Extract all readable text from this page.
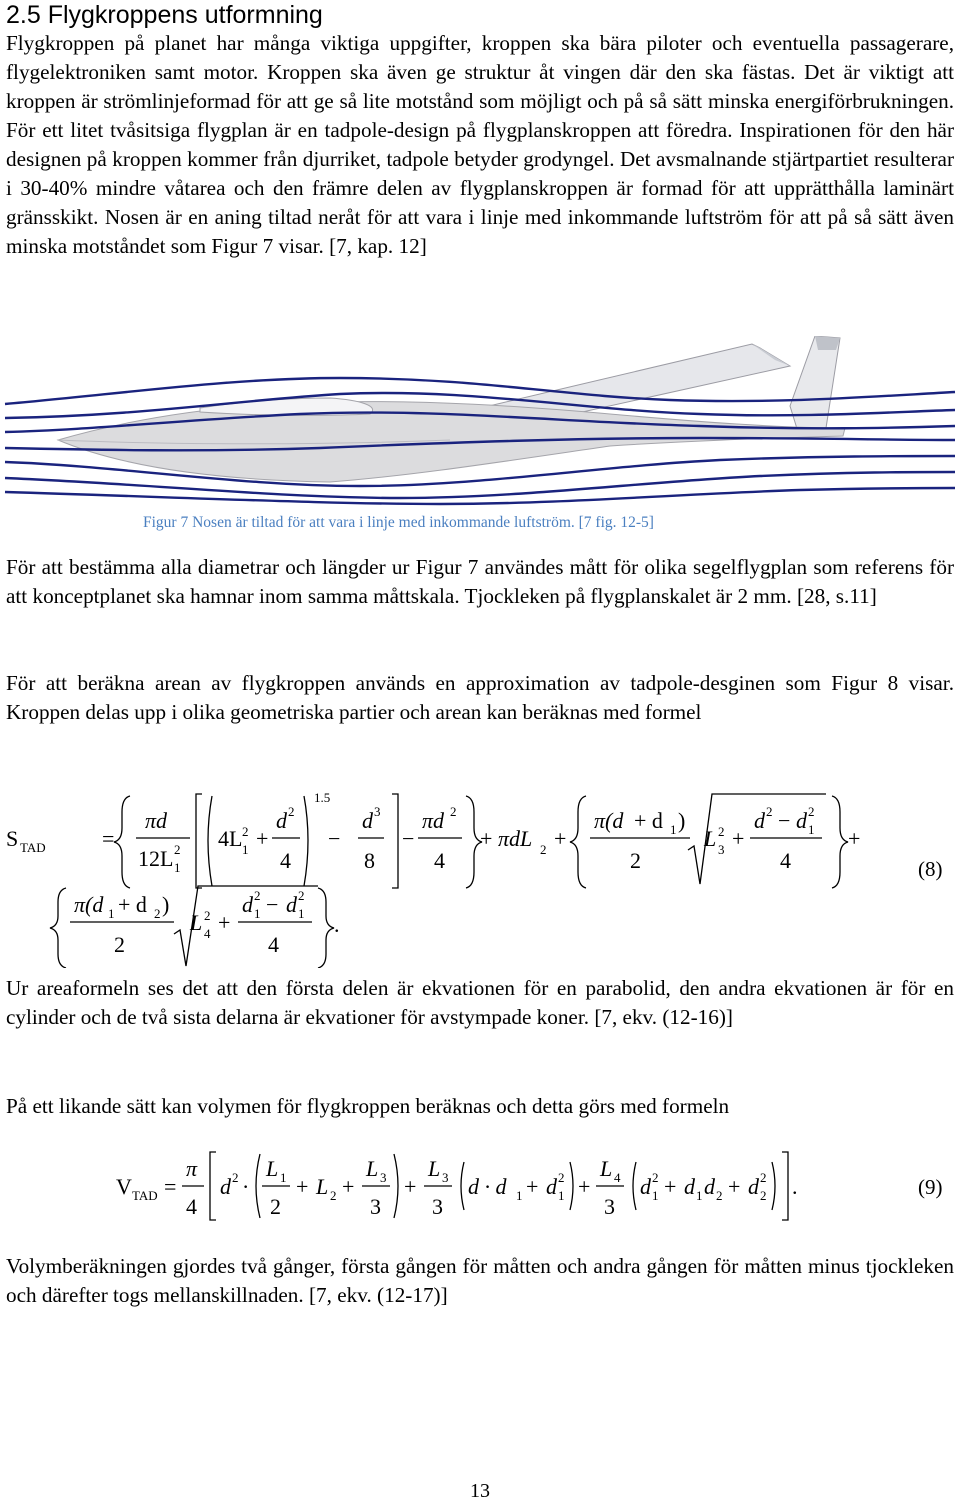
2.5 Flygkroppens utformning

Flygkroppen på planet har många viktiga uppgifter, kroppen ska bära piloter och eventuella passagerare, flygelektroniken samt motor. Kroppen ska även ge struktur åt vingen där den ska fästas. Det är viktigt att kroppen är strömlinjeformad för att ge så lite motstånd som möjligt och på så sätt minska energiförbrukningen. För ett litet tvåsitsiga flygplan är en tadpole-design på flygplanskroppen att föredra. Inspirationen för den här designen på kroppen kommer från djurriket, tadpole betyder grodyngel. Det avsmalnande stjärtpartiet resulterar i 30-40% mindre våtarea och den främre delen av flygplanskroppen är formad för att upprätthålla laminärt gränsskikt. Nosen är en aning tiltad neråt för att vara i linje med inkommande luftström för att på så sätt även minska motståndet som Figur 7 visar. [7, kap. 12]

Figur 7 Nosen är tiltad för att vara i linje med inkommande luftström. [7 fig. 12-5]

För att bestämma alla diametrar och längder ur Figur 7 användes mått för olika segelflygplan som referens för att konceptplanet ska hamnar inom samma måttskala. Tjockleken på flygplanskalet är 2 mm. [28, s.11]

För att beräkna arean av flygkroppen används en approximation av tadpole-desginen som Figur 8 visar. Kroppen delas upp i olika geometriska partier och arean kan beräknas med formel

S TAD	=
πd
12L 2
1
4L 2
1 +
d 2
4
1.5
−
d 3
8
−
πd 2
4
+ πdL 2 +
π(d + d 1 )
2
L 2
3 +
d 2 − d 2
1
4
+
(8)
π(d 1 + d 2 )
2
L 2
4 +
d 2
1 − d 2
1
4
.

Ur areaformeln ses det att den första delen är ekvationen för en parabolid, den andra ekvationen är för en cylinder och de två sista delarna är ekvationer för avstympade koner. [7, ekv. (12-16)]

På ett likande sätt kan volymen för flygkroppen beräknas och detta görs med formeln

V TAD =
π
4
d 2 ·
L 1
2
+ L 2 +
L 3
3
+
L 3
3
d · d 1 + d 2
1 +
L 4
3
d 2
1 + d 1 d 2 + d 2
2 .	(9)

Volymberäkningen gjordes två gånger, första gången för måtten och andra gången för måtten minus tjockleken och därefter togs mellanskillnaden. [7, ekv. (12-17)]

13
